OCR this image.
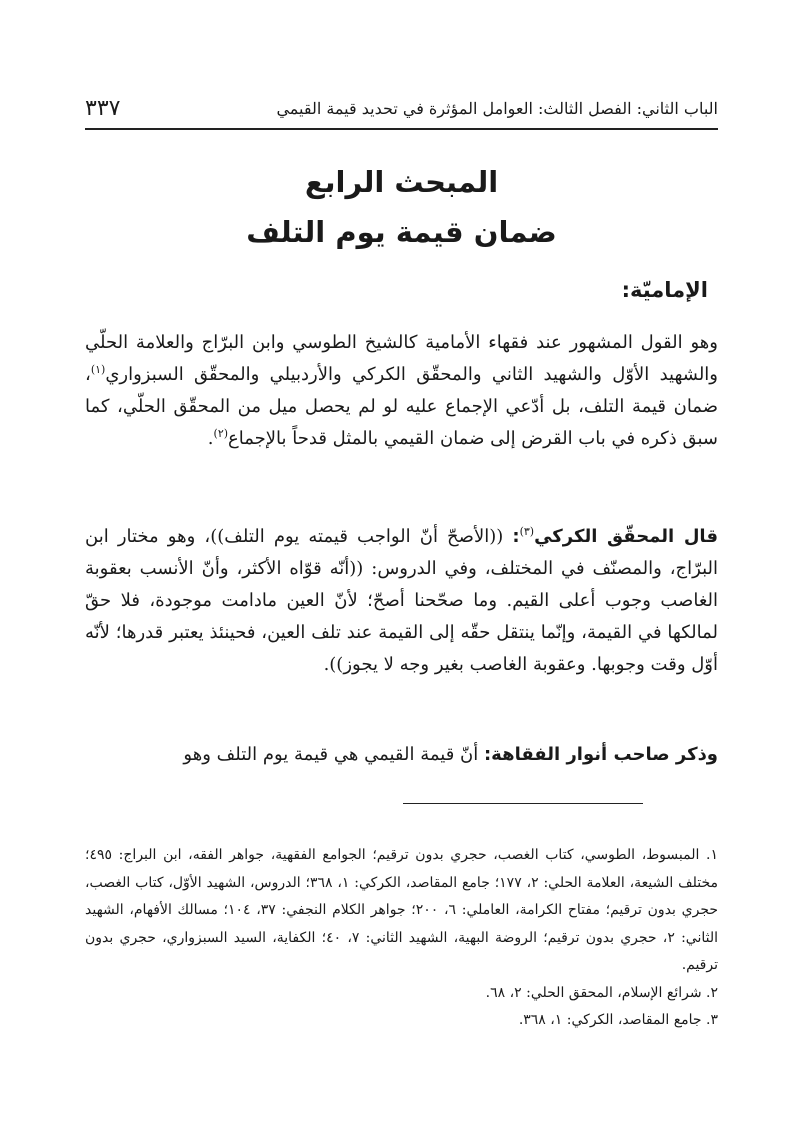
٣٣٧	الباب الثاني: الفصل الثالث: العوامل المؤثرة في تحديد قيمة القيمي
المبحث الرابع
ضمان قيمة يوم التلف
الإماميّة:

وهو القول المشهور عند فقهاء الأمامية كالشيخ الطوسي وابن البرّاج والعلامة الحلّي والشهيد الأوّل والشهيد الثاني والمحقّق الكركي والأردبيلي والمحقّق السبزواري$^{(١)}$، ضمان قيمة التلف، بل أدّعي الإجماع عليه لو لم يحصل ميل من المحقّق الحلّي، كما سبق ذكره في باب القرض إلى ضمان القيمي بالمثل قدحاً بالإجماع$^{(٢)}$.

قال المحقّق الكركي$^{(٣)}$: ((الأصحّ أنّ الواجب قيمته يوم التلف))، وهو مختار ابن البرّاج، والمصنّف في المختلف، وفي الدروس: ((أنّه قوّاه الأكثر، وأنّ الأنسب بعقوبة الغاصب وجوب أعلى القيم. وما صحّحنا أصحّ؛ لأنّ العين مادامت موجودة، فلا حقّ لمالكها في القيمة، وإنّما ينتقل حقّه إلى القيمة عند تلف العين، فحينئذ يعتبر قدرها؛ لأنّه أوّل وقت وجوبها. وعقوبة الغاصب بغير وجه لا يجوز)).

وذكر صاحب أنوار الفقاهة: أنّ قيمة القيمي هي قيمة يوم التلف وهو

١. المبسوط، الطوسي، كتاب الغصب، حجري بدون ترقيم؛ الجوامع الفقهية، جواهر الفقه، ابن البراج: ٤٩٥؛ مختلف الشيعة، العلامة الحلي: ٢، ١٧٧؛ جامع المقاصد، الكركي: ١، ٣٦٨؛ الدروس، الشهيد الأوّل، كتاب الغصب، حجري بدون ترقيم؛ مفتاح الكرامة، العاملي: ٦، ٢٠٠؛ جواهر الكلام النجفي: ٣٧، ١٠٤؛ مسالك الأفهام، الشهيد الثاني: ٢، حجري بدون ترقيم؛ الروضة البهية، الشهيد الثاني: ٧، ٤٠؛ الكفاية، السيد السبزواري، حجري بدون ترقيم.

٢. شرائع الإسلام، المحقق الحلي: ٢، ٦٨.

٣. جامع المقاصد، الكركي: ١، ٣٦٨.
